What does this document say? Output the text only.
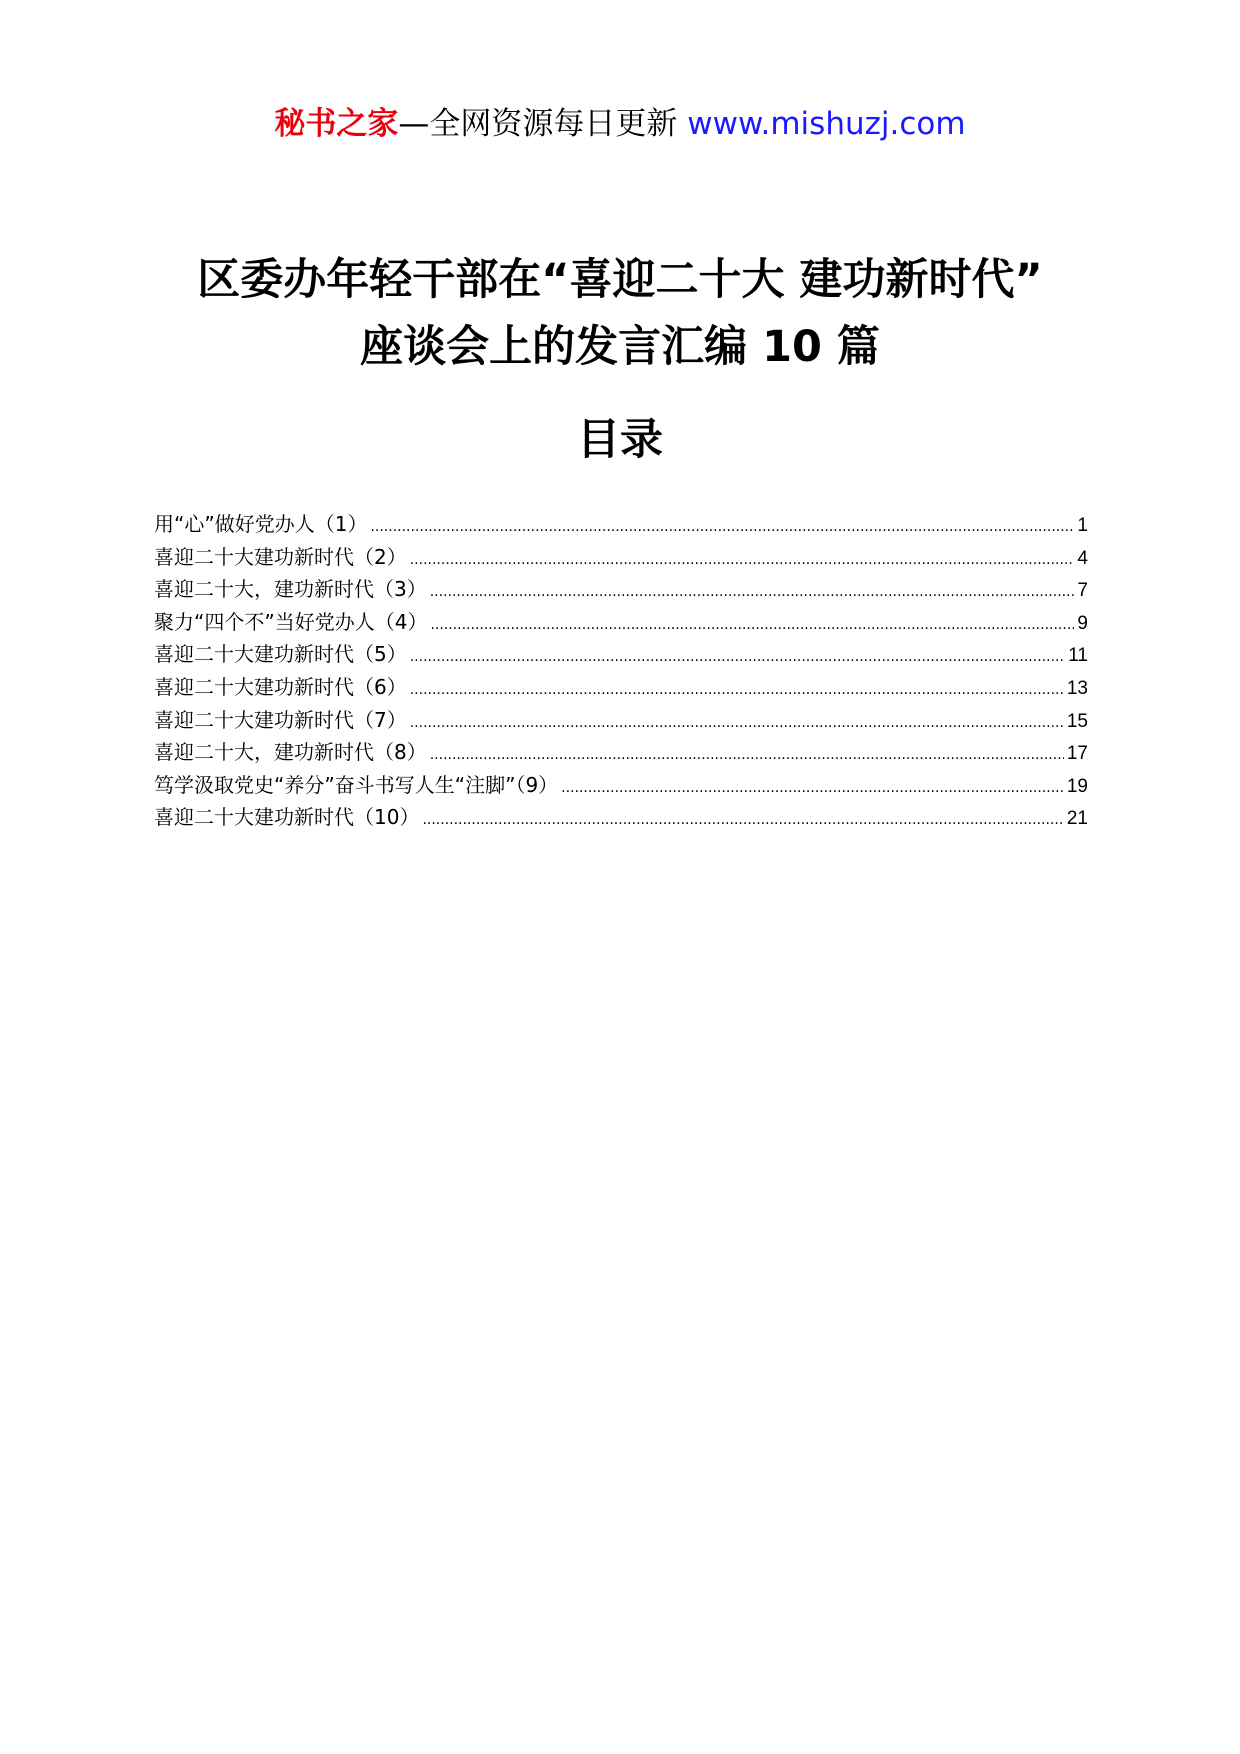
秘书之家—全网资源每日更新 www.mishuzj.com
区委办年轻干部在“喜迎二十大 建功新时代”
座谈会上的发言汇编 10 篇
目录
用“心”做好党办人（1） .....	1
喜迎二十大建功新时代（2） .....	4
喜迎二十大，建功新时代（3） .....	7
聚力“四个不”当好党办人（4） .....	9
喜迎二十大建功新时代（5） .....	11
喜迎二十大建功新时代（6） .....	13
喜迎二十大建功新时代（7） .....	15
喜迎二十大，建功新时代（8） .....	17
笃学汲取党史“养分”奋斗书写人生“注脚”（9） .....	19
喜迎二十大建功新时代（10） .....	21
